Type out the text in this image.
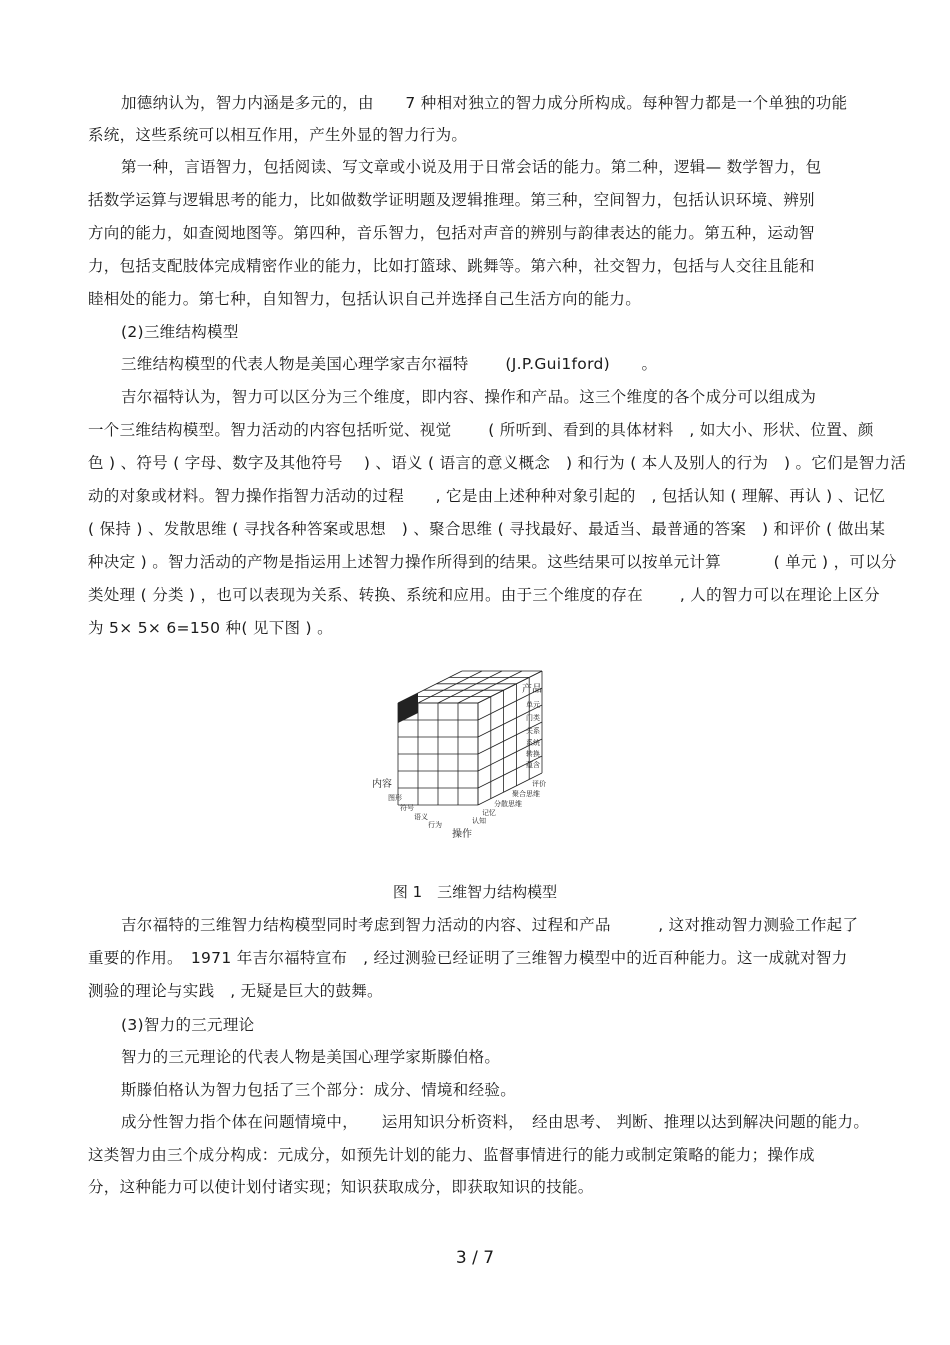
加德纳认为，智力内涵是多元的，由　　7 种相对独立的智力成分所构成。每种智力都是一个单独的功能
系统，这些系统可以相互作用，产生外显的智力行为。
第一种，言语智力，包括阅读、写文章或小说及用于日常会话的能力。第二种，逻辑— 数学智力，包
括数学运算与逻辑思考的能力，比如做数学证明题及逻辑推理。第三种，空间智力，包括认识环境、辨别
方向的能力，如查阅地图等。第四种，音乐智力，包括对声音的辨别与韵律表达的能力。第五种，运动智
力，包括支配肢体完成精密作业的能力，比如打篮球、跳舞等。第六种，社交智力，包括与人交往且能和
睦相处的能力。第七种，自知智力，包括认识自己并选择自己生活方向的能力。
(2)三维结构模型
三维结构模型的代表人物是美国心理学家吉尔福特　　 (J.P.Gui1ford)　　。
吉尔福特认为，智力可以区分为三个维度，即内容、操作和产品。这三个维度的各个成分可以组成为
一个三维结构模型。智力活动的内容包括听觉、视觉　　 ( 所听到、看到的具体材料　, 如大小、形状、位置、颜
色 ) 、符号 ( 字母、数字及其他符号　 ) 、语义 ( 语言的意义概念　) 和行为 ( 本人及别人的行为　) 。它们是智力活
动的对象或材料。智力操作指智力活动的过程　　, 它是由上述种种对象引起的　, 包括认知 ( 理解、再认 ) 、记忆
( 保持 ) 、发散思维 ( 寻找各种答案或思想　) 、聚合思维 ( 寻找最好、最适当、最普通的答案　) 和评价 ( 做出某
种决定 ) 。智力活动的产物是指运用上述智力操作所得到的结果。这些结果可以按单元计算　　　 ( 单元 ) ，可以分
类处理 ( 分类 ) ，也可以表现为关系、转换、系统和应用。由于三个维度的存在　　 , 人的智力可以在理论上区分
为 5× 5× 6=150 种( 见下图 ) 。
产品
单元
门类
关系
系统
转换
蕴含
内容
图形
符号
语义
行为
操作
认知
记忆
分散思维
聚合思维
评价
图 1　三维智力结构模型
吉尔福特的三维智力结构模型同时考虑到智力活动的内容、过程和产品　　　, 这对推动智力测验工作起了
重要的作用。　1971 年吉尔福特宣布　, 经过测验已经证明了三维智力模型中的近百种能力。这一成就对智力
测验的理论与实践　, 无疑是巨大的鼓舞。
(3)智力的三元理论
智力的三元理论的代表人物是美国心理学家斯滕伯格。
斯滕伯格认为智力包括了三个部分：成分、情境和经验。
成分性智力指个体在问题情境中，　　运用知识分析资料，　经由思考、 判断、推理以达到解决问题的能力。
这类智力由三个成分构成：元成分，如预先计划的能力、监督事情进行的能力或制定策略的能力；操作成
分，这种能力可以使计划付诸实现；知识获取成分，即获取知识的技能。
3 / 7
